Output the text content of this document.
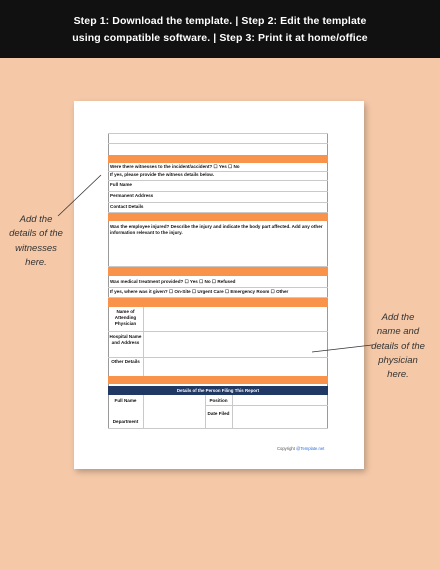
Step 1: Download the template. | Step 2: Edit the template
using compatible software. | Step 3: Print it at home/office
Were there witnesses to the incident/accident? ☐ Yes ☐ No
If yes, please provide the witness details below.
Full Name
Permanent Address
Contact Details
Was the employee injured? Describe the injury and indicate the body part affected. Add any other information relevant to the injury.
Was medical treatment provided? ☐ Yes ☐ No ☐ Refused
If yes, where was it given? ☐ On-Site ☐ Urgent Care ☐ Emergency Room ☐ Other
Name of Attending Physician
Hospital Name and Address
Other Details
Details of the Person Filing This Report
Full Name	Position
Department
Date Filed
Copyright @Template.net
Add the details of the witnesses here.
Add the name and details of the physician here.
